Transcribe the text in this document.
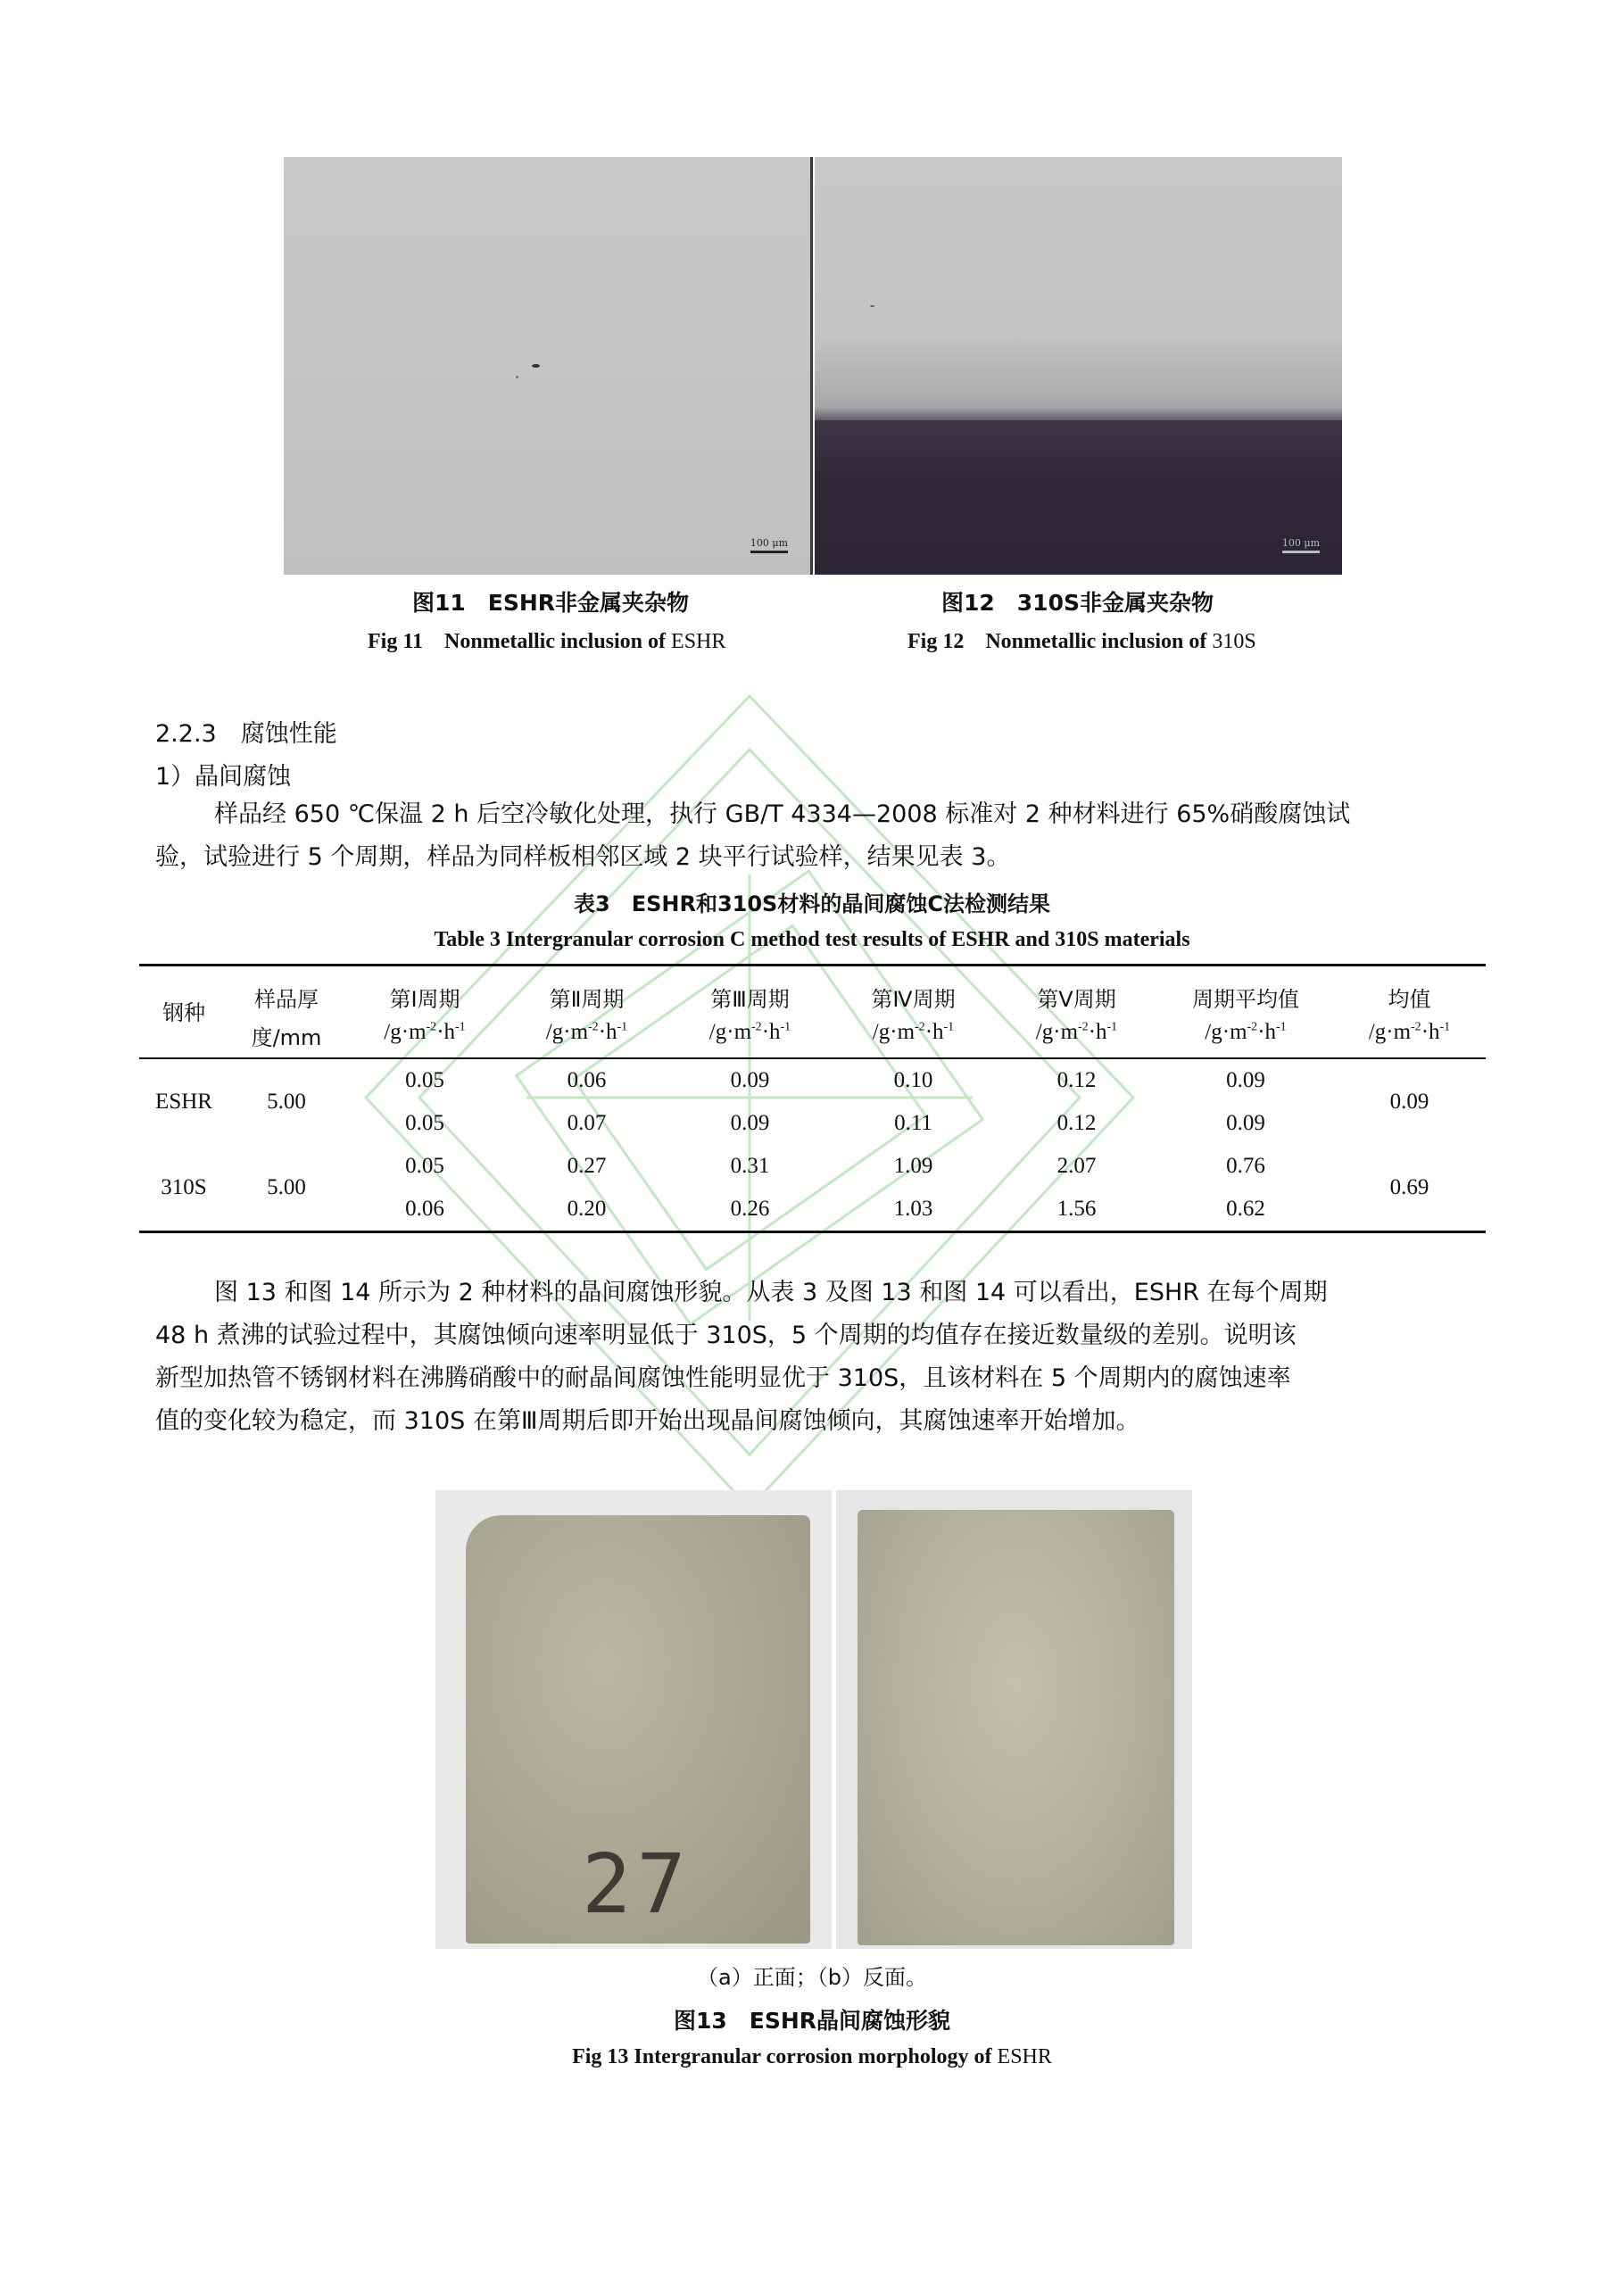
100 μm	100 μm
图11　ESHR非金属夹杂物
Fig 11 Nonmetallic inclusion of ESHR
图12　310S非金属夹杂物
Fig 12 Nonmetallic inclusion of 310S
2.2.3　腐蚀性能
1）晶间腐蚀
样品经 650 ℃保温 2 h 后空冷敏化处理，执行 GB/T 4334—2008 标准对 2 种材料进行 65%硝酸腐蚀试
验，试验进行 5 个周期，样品为同样板相邻区域 2 块平行试验样，结果见表 3。
表3　ESHR和310S材料的晶间腐蚀C法检测结果
Table 3 Intergranular corrosion C method test results of ESHR and 310S materials
钢种	样品厚	第Ⅰ周期	第Ⅱ周期	第Ⅲ周期	第Ⅳ周期	第Ⅴ周期	周期平均值	均值
	度/mm	$/g\cdot m^{-2}\cdot h^{-1}$	$/g\cdot m^{-2}\cdot h^{-1}$	$/g\cdot m^{-2}\cdot h^{-1}$	$/g\cdot m^{-2}\cdot h^{-1}$	$/g\cdot m^{-2}\cdot h^{-1}$	$/g\cdot m^{-2}\cdot h^{-1}$	$/g\cdot m^{-2}\cdot h^{-1}$
ESHR	5.00	0.05	0.06	0.09	0.10	0.12	0.09	0.09
		0.05	0.07	0.09	0.11	0.12	0.09	
310S	5.00	0.05	0.27	0.31	1.09	2.07	0.76	0.69
		0.06	0.20	0.26	1.03	1.56	0.62	
图 13 和图 14 所示为 2 种材料的晶间腐蚀形貌。从表 3 及图 13 和图 14 可以看出，ESHR 在每个周期
48 h 煮沸的试验过程中，其腐蚀倾向速率明显低于 310S，5 个周期的均值存在接近数量级的差别。说明该
新型加热管不锈钢材料在沸腾硝酸中的耐晶间腐蚀性能明显优于 310S，且该材料在 5 个周期内的腐蚀速率
值的变化较为稳定，而 310S 在第Ⅲ周期后即开始出现晶间腐蚀倾向，其腐蚀速率开始增加。
27
（a）正面；（b）反面。
图13　ESHR晶间腐蚀形貌
Fig 13 Intergranular corrosion morphology of ESHR
